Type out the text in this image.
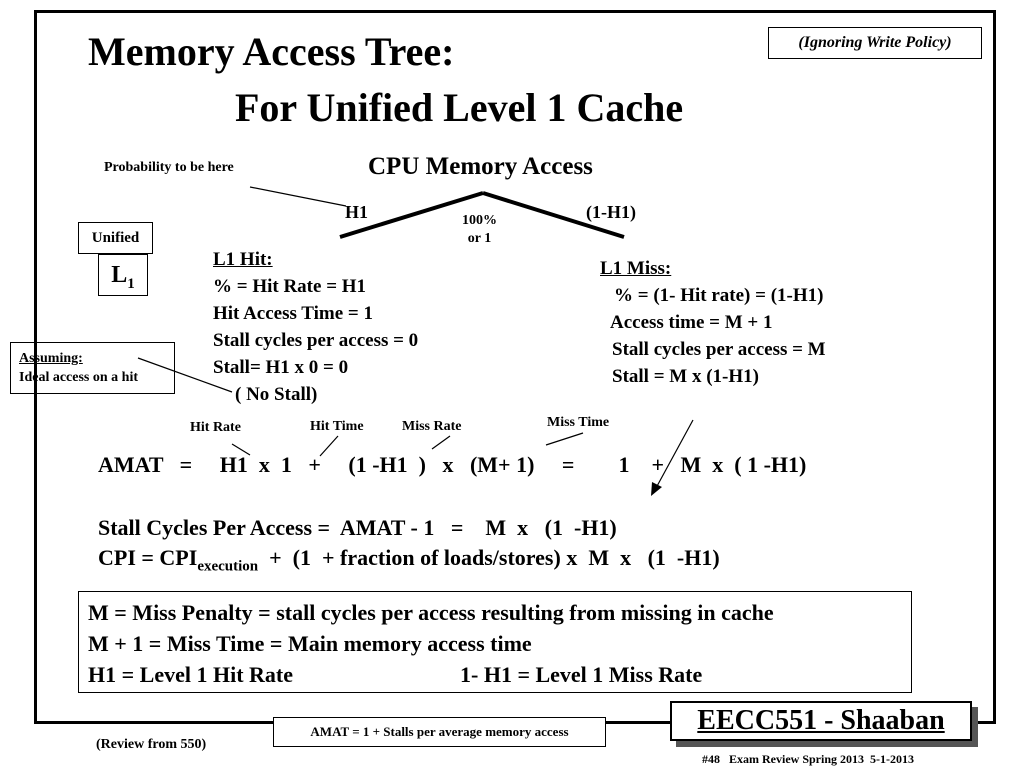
Memory Access Tree:
For Unified Level 1 Cache
(Ignoring Write Policy)
CPU Memory Access
Probability to be here
H1	(1-H1)
100%
or 1
Unified
$L_1$
L1 Hit:
% = Hit Rate = H1
Hit Access Time = 1
Stall cycles per access = 0
Stall= H1 x 0 = 0
( No Stall)
L1 Miss:
% = (1- Hit rate) = (1-H1)
Access time = M + 1
Stall cycles per access = M
Stall = M x (1-H1)
Assuming:
Ideal access on a hit
Hit Rate	Hit Time	Miss Rate	Miss Time
AMAT   =     H1  x  1   +     (1 -H1  )   x   (M+ 1)     =        1    +   M  x  ( 1 -H1)
Stall Cycles Per Access =  AMAT - 1   =    M  x   (1  -H1)
CPI = $CPI_{execution} + (1$  + fraction of loads/stores) x  M  x   (1  -H1)
M = Miss Penalty = stall cycles per access resulting from missing in cache
M + 1 = Miss Time = Main memory access time
H1 = Level 1 Hit Rate	1- H1 = Level 1 Miss Rate
AMAT = 1 + Stalls per average memory access
(Review from 550)
EECC551 - Shaaban
#48   Exam Review Spring 2013  5-1-2013
